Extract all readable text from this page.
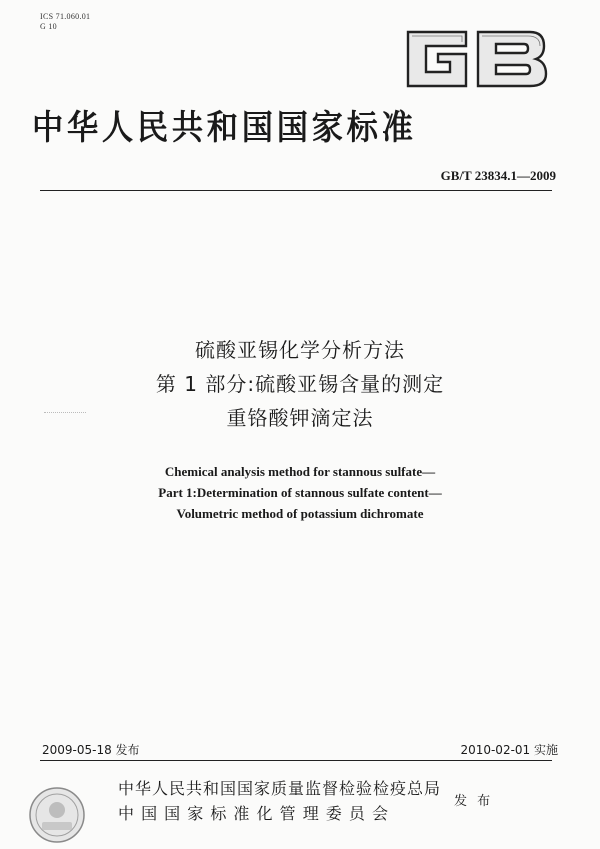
ICS 71.060.01
G 10
中华人民共和国国家标准
GB/T 23834.1—2009
硫酸亚锡化学分析方法
第 1 部分:硫酸亚锡含量的测定
重铬酸钾滴定法
Chemical analysis method for stannous sulfate—
Part 1:Determination of stannous sulfate content—
Volumetric method of potassium dichromate
2009-05-18 发布	2010-02-01 实施
中华人民共和国国家质量监督检验检疫总局
中 国 国 家 标 准 化 管 理 委 员 会
发 布
